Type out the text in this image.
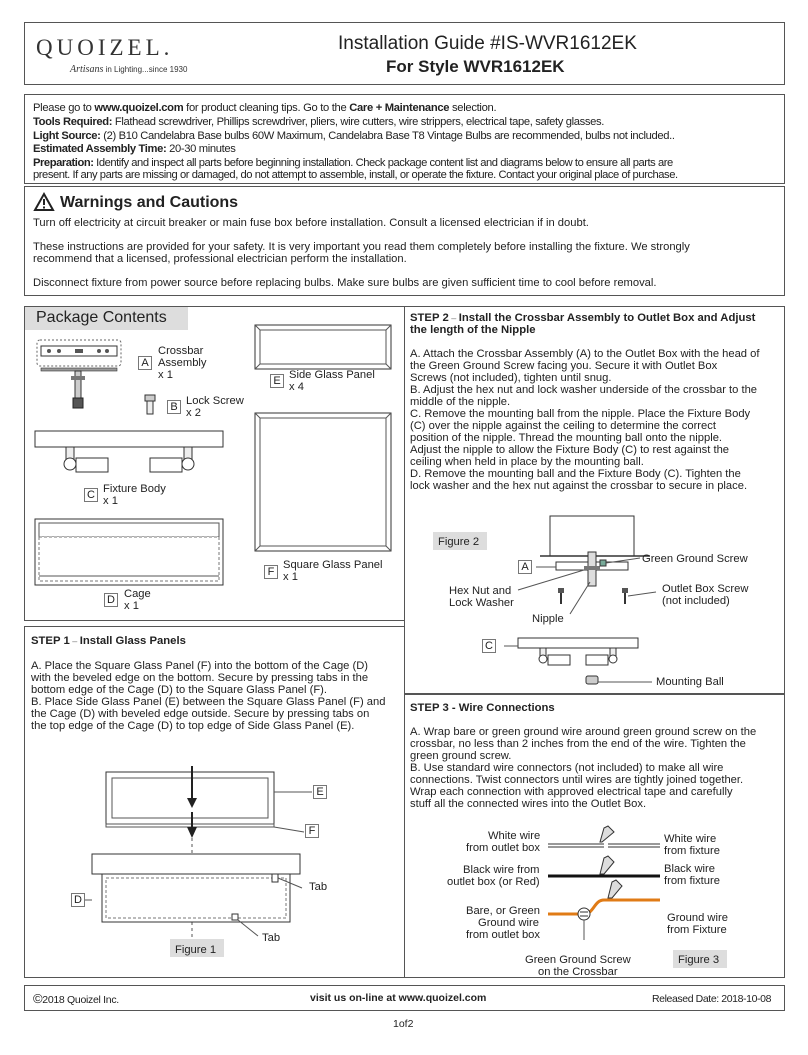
QUOIZEL.
Artisans in Lighting...since 1930
Installation Guide #IS-WVR1612EK
For Style WVR1612EK
Please go to www.quoizel.com for product cleaning tips. Go to the Care + Maintenance selection.
Tools Required: Flathead screwdriver, Phillips screwdriver, pliers, wire cutters, wire strippers, electrical tape, safety glasses.
Light Source: (2) B10 Candelabra Base bulbs 60W Maximum, Candelabra Base T8 Vintage Bulbs are recommended, bulbs not included..
Estimated Assembly Time: 20-30 minutes
Preparation: Identify and inspect all parts before beginning installation. Check package content list and diagrams below to ensure all parts are
present. If any parts are missing or damaged, do not attempt to assemble, install, or operate the fixture. Contact your original place of purchase.
Warnings and Cautions
Turn off electricity at circuit breaker or main fuse box before installation. Consult a licensed electrician if in doubt.
These instructions are provided for your safety. It is very important you read them completely before installing the fixture. We strongly
recommend that a licensed, professional electrician perform the installation.
Disconnect fixture from power source before replacing bulbs. Make sure bulbs are given sufficient time to cool before removal.
Package Contents
A
Crossbar
Assembly
x 1
B Lock Screw
x 2
C Fixture Body
x 1
D Cage
x 1
E Side Glass Panel
x 4
F
Square Glass Panel
x 1
STEP 1 – Install Glass Panels
A. Place the Square Glass Panel (F) into the bottom of the Cage (D)
with the beveled edge on the bottom. Secure by pressing tabs in the
bottom edge of the Cage (D) to the Square Glass Panel (F).
B. Place Side Glass Panel (E) between the Square Glass Panel (F) and
the Cage (D) with beveled edge outside. Secure by pressing tabs on
the top edge of the Cage (D) to top edge of Side Glass Panel (E).
E
F
D
Tab
Tab
Figure 1
STEP 2 – Install the Crossbar Assembly to Outlet Box and Adjust
the length of the Nipple
A. Attach the Crossbar Assembly (A) to the Outlet Box with the head of
the Green Ground Screw facing you. Secure it with Outlet Box
Screws (not included), tighten until snug.
B. Adjust the hex nut and lock washer underside of the crossbar to the
middle of the nipple.
C. Remove the mounting ball from the nipple. Place the Fixture Body
(C) over the nipple against the ceiling to determine the correct
position of the nipple. Thread the mounting ball onto the nipple.
Adjust the nipple to allow the Fixture Body (C) to rest against the
ceiling when held in place by the mounting ball.
D. Remove the mounting ball and the Fixture Body (C). Tighten the
lock washer and the hex nut against the crossbar to secure in place.
Figure 2
A
C
Green Ground Screw
Hex Nut and
Lock Washer
Outlet Box Screw
(not included)
Nipple
Mounting Ball
STEP 3 - Wire Connections
A. Wrap bare or green ground wire around green ground screw on the
crossbar, no less than 2 inches from the end of the wire. Tighten the
green ground screw.
B. Use standard wire connectors (not included) to make all wire
connections. Twist connectors until wires are tightly joined together.
Wrap each connection with approved electrical tape and carefully
stuff all the connected wires into the Outlet Box.
White wire
from outlet box
White wire
from fixture
Black wire from
outlet box (or Red)
Black wire
from fixture
Bare, or Green
Ground wire
from outlet box
Ground wire
from Fixture
Green Ground Screw
on the Crossbar
Figure 3
©2018 Quoizel Inc.	visit us on-line at www.quoizel.com	Released Date: 2018-10-08
1of2
